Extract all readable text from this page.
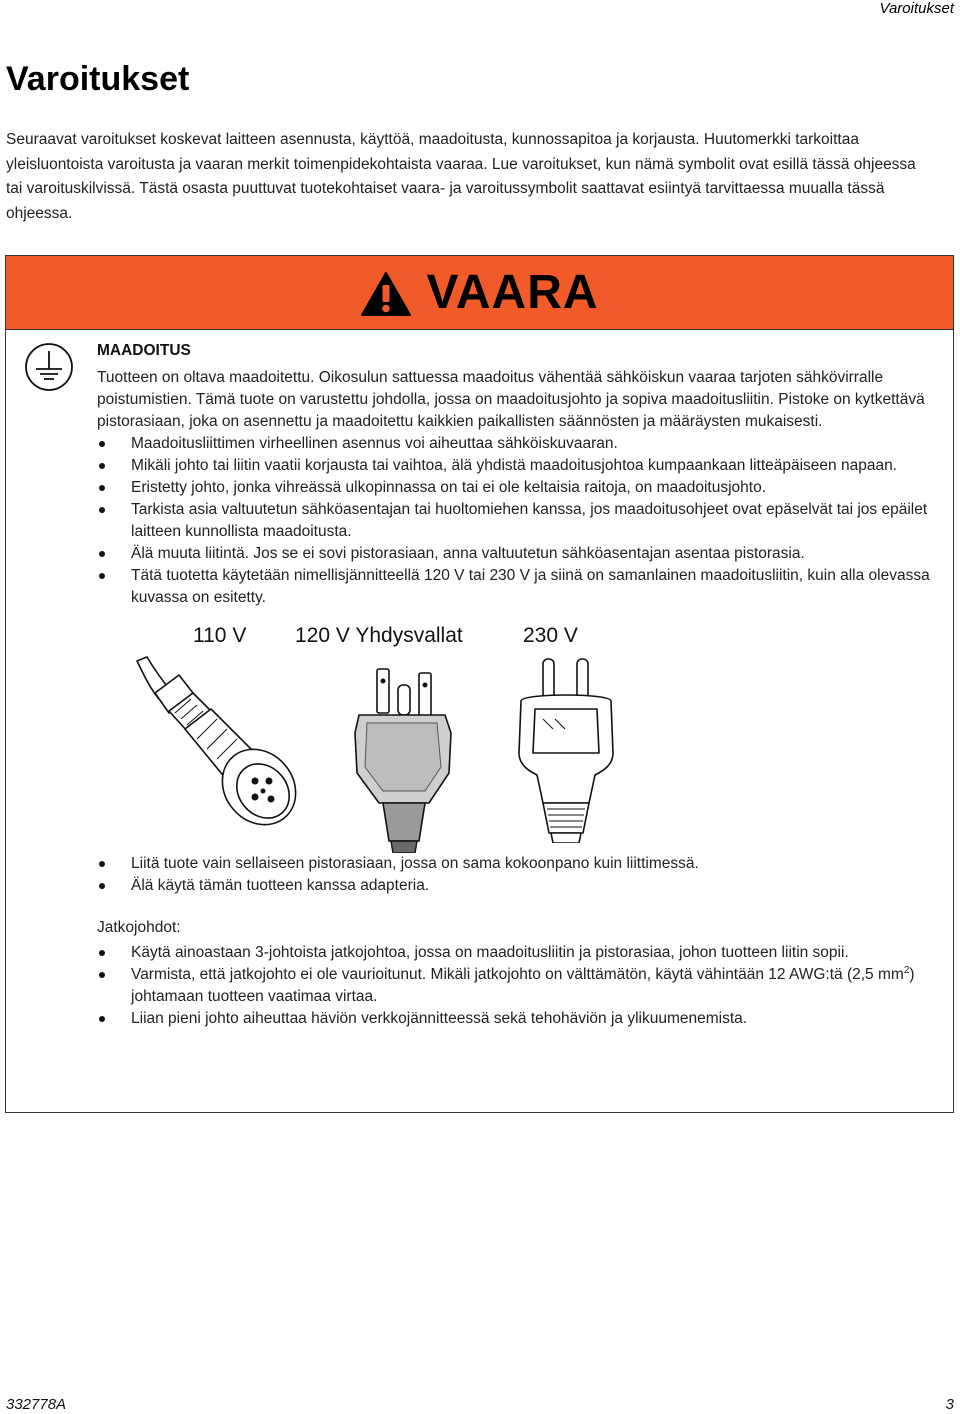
Varoitukset
Varoitukset

Seuraavat varoitukset koskevat laitteen asennusta, käyttöä, maadoitusta, kunnossapitoa ja korjausta. Huutomerkki tarkoittaa yleisluontoista varoitusta ja vaaran merkit toimenpidekohtaista vaaraa. Lue varoitukset, kun nämä symbolit ovat esillä tässä ohjeessa tai varoituskilvissä. Tästä osasta puuttuvat tuotekohtaiset vaara- ja varoitussymbolit saattavat esiintyä tarvittaessa muualla tässä ohjeessa.

VAARA

MAADOITUS

Tuotteen on oltava maadoitettu. Oikosulun sattuessa maadoitus vähentää sähköiskun vaaraa tarjoten sähkövirralle poistumistien. Tämä tuote on varustettu johdolla, jossa on maadoitusjohto ja sopiva maadoitusliitin. Pistoke on kytkettävä pistorasiaan, joka on asennettu ja maadoitettu kaikkien paikallisten säännösten ja määräysten mukaisesti.

Maadoitusliittimen virheellinen asennus voi aiheuttaa sähköiskuvaaran.
Mikäli johto tai liitin vaatii korjausta tai vaihtoa, älä yhdistä maadoitusjohtoa kumpaankaan litteäpäiseen napaan.
Eristetty johto, jonka vihreässä ulkopinnassa on tai ei ole keltaisia raitoja, on maadoitusjohto.
Tarkista asia valtuutetun sähköasentajan tai huoltomiehen kanssa, jos maadoitusohjeet ovat epäselvät tai jos epäilet laitteen kunnollista maadoitusta.
Älä muuta liitintä. Jos se ei sovi pistorasiaan, anna valtuutetun sähköasentajan asentaa pistorasia.
Tätä tuotetta käytetään nimellisjännitteellä 120 V tai 230 V ja siinä on samanlainen maadoitusliitin, kuin alla olevassa kuvassa on esitetty.
110 V 120 V Yhdysvallat	230 V
Liitä tuote vain sellaiseen pistorasiaan, jossa on sama kokoonpano kuin liittimessä.
Älä käytä tämän tuotteen kanssa adapteria.

Jatkojohdot:

Käytä ainoastaan 3-johtoista jatkojohtoa, jossa on maadoitusliitin ja pistorasiaa, johon tuotteen liitin sopii.
Varmista, että jatkojohto ei ole vaurioitunut. Mikäli jatkojohto on välttämätön, käytä vähintään 12 AWG:tä (2,5 $mm^2$) johtamaan tuotteen vaatimaa virtaa.
Liian pieni johto aiheuttaa häviön verkkojännitteessä sekä tehohäviön ja ylikuumenemista.
332778A	3
